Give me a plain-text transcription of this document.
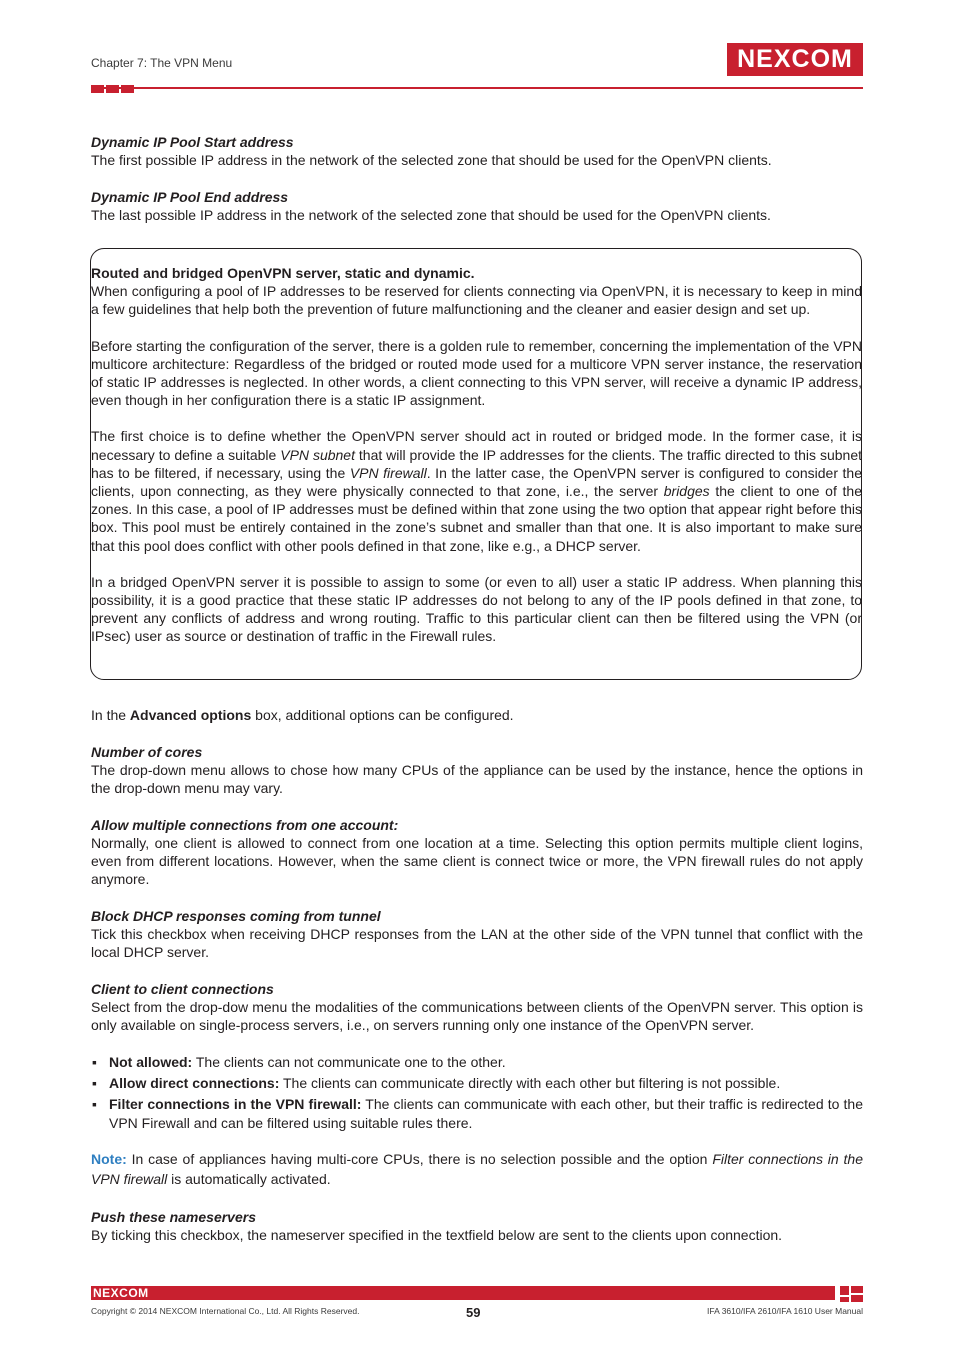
Chapter 7: The VPN Menu	NEXCOM

Dynamic IP Pool Start address

The first possible IP address in the network of the selected zone that should be used for the OpenVPN clients.

Dynamic IP Pool End address

The last possible IP address in the network of the selected zone that should be used for the OpenVPN clients.

Routed and bridged OpenVPN server, static and dynamic.

When configuring a pool of IP addresses to be reserved for clients connecting via OpenVPN, it is necessary to keep in mind a few guidelines that help both the prevention of future malfunctioning and the cleaner and easier design and set up.

Before starting the configuration of the server, there is a golden rule to remember, concerning the implementation of the VPN multicore architecture: Regardless of the bridged or routed mode used for a multicore VPN server instance, the reservation of static IP addresses is neglected. In other words, a client connecting to this VPN server, will receive a dynamic IP address, even though in her configuration there is a static IP assignment.

The first choice is to define whether the OpenVPN server should act in routed or bridged mode. In the former case, it is necessary to define a suitable VPN subnet that will provide the IP addresses for the clients. The traffic directed to this subnet has to be filtered, if necessary, using the VPN firewall. In the latter case, the OpenVPN server is configured to consider the clients, upon connecting, as they were physically connected to that zone, i.e., the server bridges the client to one of the zones. In this case, a pool of IP addresses must be defined within that zone using the two option that appear right before this box. This pool must be entirely contained in the zone’s subnet and smaller than that one. It is also important to make sure that this pool does conflict with other pools defined in that zone, like e.g., a DHCP server.

In a bridged OpenVPN server it is possible to assign to some (or even to all) user a static IP address. When planning this possibility, it is a good practice that these static IP addresses do not belong to any of the IP pools defined in that zone, to prevent any conflicts of address and wrong routing. Traffic to this particular client can then be filtered using the VPN (or IPsec) user as source or destination of traffic in the Firewall rules.

In the Advanced options box, additional options can be configured.

Number of cores

The drop-down menu allows to chose how many CPUs of the appliance can be used by the instance, hence the options in the drop-down menu may vary.

Allow multiple connections from one account:

Normally, one client is allowed to connect from one location at a time. Selecting this option permits multiple client logins, even from different locations. However, when the same client is connect twice or more, the VPN firewall rules do not apply anymore.

Block DHCP responses coming from tunnel

Tick this checkbox when receiving DHCP responses from the LAN at the other side of the VPN tunnel that conflict with the local DHCP server.

Client to client connections

Select from the drop-dow menu the modalities of the communications between clients of the OpenVPN server. This option is only available on single-process servers, i.e., on servers running only one instance of the OpenVPN server.

▪ Not allowed: The clients can not communicate one to the other.
▪ Allow direct connections: The clients can communicate directly with each other but filtering is not possible.
▪ Filter connections in the VPN firewall: The clients can communicate with each other, but their traffic is redirected to the VPN Firewall and can be filtered using suitable rules there.

Note: In case of appliances having multi-core CPUs, there is no selection possible and the option Filter connections in the VPN firewall is automatically activated.

Push these nameservers

By ticking this checkbox, the nameserver specified in the textfield below are sent to the clients upon connection.

NEXCOM
Copyright © 2014 NEXCOM International Co., Ltd. All Rights Reserved.	59	IFA 3610/IFA 2610/IFA 1610 User Manual
